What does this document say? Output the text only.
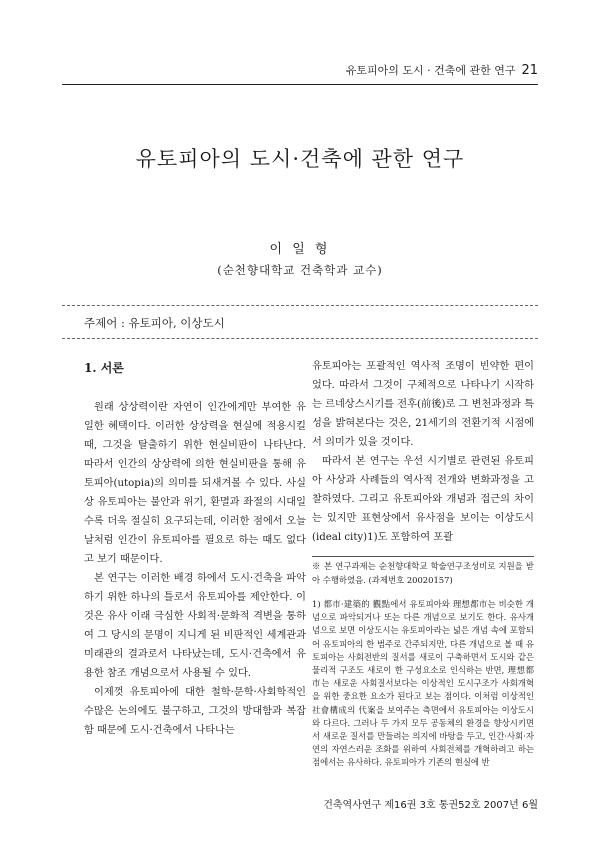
유토피아의 도시 · 건축에 관한 연구 21
유토피아의 도시·건축에 관한 연구
이 일 형
(순천향대학교 건축학과 교수)
주제어 : 유토피아, 이상도시
1. 서론

원래 상상력이란 자연이 인간에게만 부여한 유일한 혜택이다. 이러한 상상력을 현실에 적용시킬 때, 그것을 탈출하기 위한 현실비판이 나타난다. 따라서 인간의 상상력에 의한 현실비판을 통해 유토피아(utopia)의 의미를 되새겨볼 수 있다. 사실상 유토피아는 불안과 위기, 환멸과 좌절의 시대일수록 더욱 절실히 요구되는데, 이러한 점에서 오늘날처럼 인간이 유토피아를 필요로 하는 때도 없다고 보기 때문이다.

본 연구는 이러한 배경 하에서 도시·건축을 파악하기 위한 하나의 틀로서 유토피아를 제안한다. 이것은 유사 이래 극심한 사회적·문화적 격변을 통하여 그 당시의 문명이 지니게 된 비판적인 세계관과 미래관의 결과로서 나타났는데, 도시·건축에서 유용한 참조 개념으로서 사용될 수 있다.

이제껏 유토피아에 대한 철학·문학·사회학적인 수많은 논의에도 불구하고, 그것의 방대함과 복잡함 때문에 도시·건축에서 나타나는

유토피아는 포괄적인 역사적 조명이 빈약한 편이었다. 따라서 그것이 구체적으로 나타나기 시작하는 르네상스시기를 전후(前後)로 그 변천과정과 특성을 밝혀본다는 것은, 21세기의 전환기적 시점에서 의미가 있을 것이다.

따라서 본 연구는 우선 시기별로 관련된 유토피아 사상과 사례들의 역사적 전개와 변화과정을 고찰하였다. 그리고 유토피아와 개념과 접근의 차이는 있지만 표현상에서 유사점을 보이는 이상도시(ideal city)1)도 포함하여 포괄

※ 본 연구과제는 순천향대학교 학술연구조성비로 지원을 받아 수행하였음. (과제번호 20020157)
1) 都市·建築的 觀點에서 유토피아와 理想都市는 비슷한 개념으로 파악되거나 또는 다른 개념으로 보기도 한다. 유사개념으로 보면 이상도시는 유토피아라는 넓은 개념 속에 포함되어 유토피아의 한 범주로 간주되지만, 다른 개념으로 볼 때 유토피아는 사회전반의 질서를 새로이 구축하면서 도시와 같은 물리적 구조도 새로이 한 구성요소로 인식하는 반면, 理想都市는 새로운 사회질서보다는 이상적인 도시구조가 사회개혁을 위한 중요한 요소가 된다고 보는 점이다. 이처럼 이상적인 社會構成의 代案을 보여주는 측면에서 유토피아는 이상도시와 다르다. 그러나 두 가지 모두 공동체의 환경을 향상시키면서 새로운 질서를 만들려는 의지에 바탕을 두고, 인간·사회·자연의 자연스러운 조화를 위하여 사회전체를 개혁하려고 하는 점에서는 유사하다. 유토피아가 기존의 현실에 반
건축역사연구 제16권 3호 통권52호 2007년 6월
